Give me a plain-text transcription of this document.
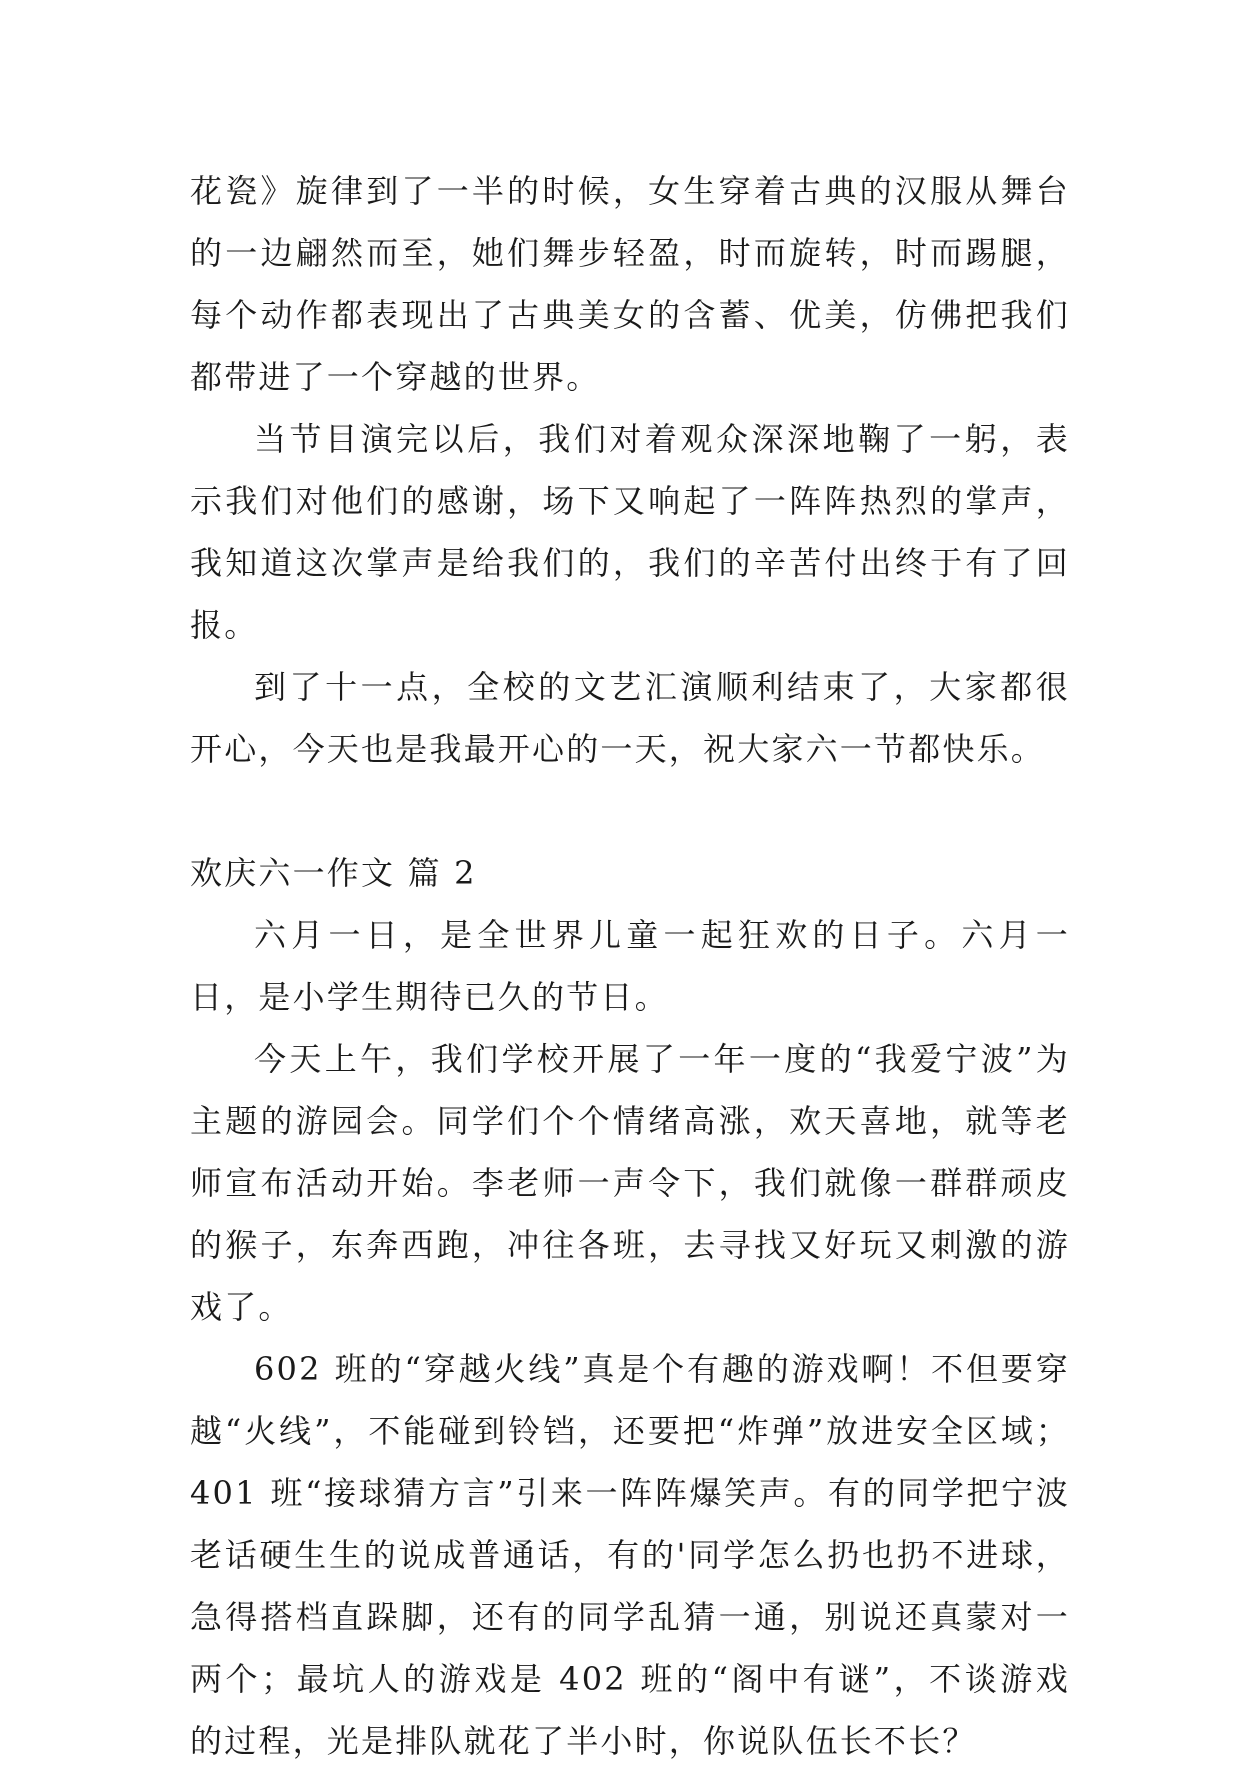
花瓷》旋律到了一半的时候，女生穿着古典的汉服从舞台的一边翩然而至，她们舞步轻盈，时而旋转，时而踢腿，每个动作都表现出了古典美女的含蓄、优美，仿佛把我们都带进了一个穿越的世界。

当节目演完以后，我们对着观众深深地鞠了一躬，表示我们对他们的感谢，场下又响起了一阵阵热烈的掌声，我知道这次掌声是给我们的，我们的辛苦付出终于有了回报。

到了十一点，全校的文艺汇演顺利结束了，大家都很开心，今天也是我最开心的一天，祝大家六一节都快乐。

欢庆六一作文 篇 2

六月一日，是全世界儿童一起狂欢的日子。六月一日，是小学生期待已久的节日。

今天上午，我们学校开展了一年一度的“我爱宁波”为主题的游园会。同学们个个情绪高涨，欢天喜地，就等老师宣布活动开始。李老师一声令下，我们就像一群群顽皮的猴子，东奔西跑，冲往各班，去寻找又好玩又刺激的游戏了。

602 班的“穿越火线”真是个有趣的游戏啊！不但要穿越“火线”，不能碰到铃铛，还要把“炸弹”放进安全区域；401 班“接球猜方言”引来一阵阵爆笑声。有的同学把宁波老话硬生生的说成普通话，有的'同学怎么扔也扔不进球，急得搭档直跺脚，还有的同学乱猜一通，别说还真蒙对一两个；最坑人的游戏是 402 班的“阁中有谜”，不谈游戏的过程，光是排队就花了半小时，你说队伍长不长？
